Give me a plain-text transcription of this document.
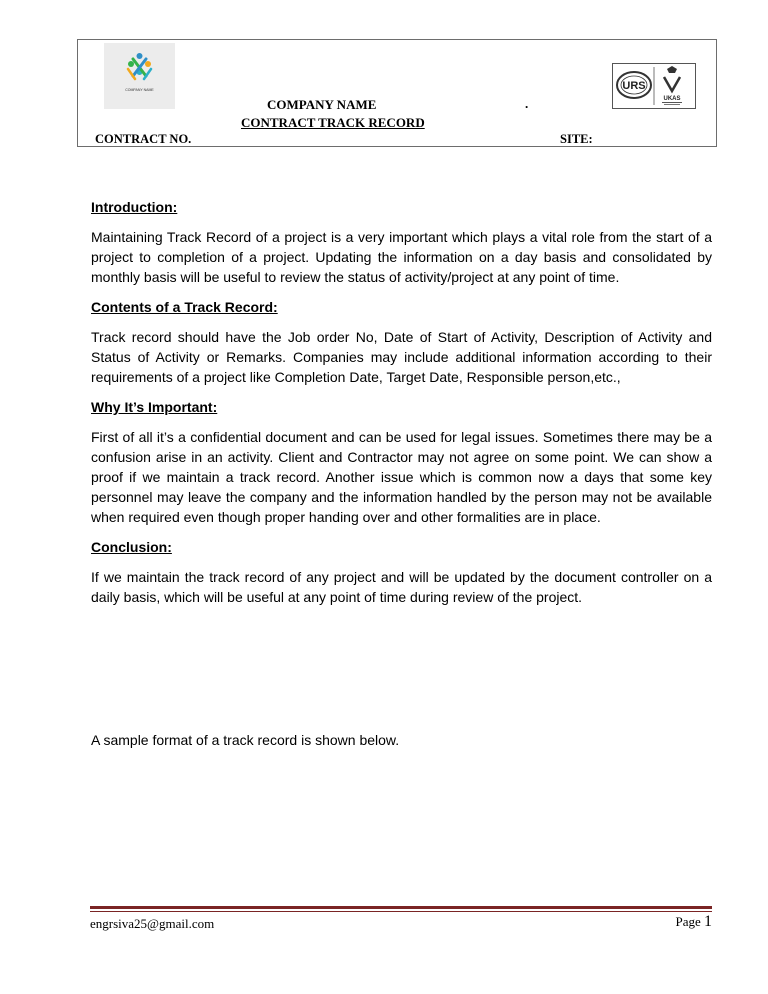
COMPANY NAME
COMPANY NAME	.
CONTRACT TRACK RECORD
CONTRACT NO.	SITE:
URS
UKAS
Introduction:
Maintaining Track Record of a project is a very important which plays a vital role from the start of a project to completion of a project. Updating the information on a day basis and consolidated by monthly basis will be useful to review the status of activity/project at any point of time.
Contents of a Track Record:
Track record should have the Job order No, Date of Start of Activity, Description of Activity and Status of Activity or Remarks. Companies may include additional information according to their requirements of a project like Completion Date, Target Date, Responsible person,etc.,
Why It’s Important:
First of all it’s a confidential document and can be used for legal issues. Sometimes there may be a confusion arise in an activity. Client and Contractor may not agree on some point. We can show a proof if we maintain a track record. Another issue which is common now a days that some key personnel may leave the company and the information handled by the person may not be available when required even though proper handing over and other formalities are in place.
Conclusion:
If we maintain the track record of any project and will be updated by the document controller on a daily basis, which will be useful at any point of time during review of the project.
A sample format of a track record is shown below.
engrsiva25@gmail.com	Page 1
